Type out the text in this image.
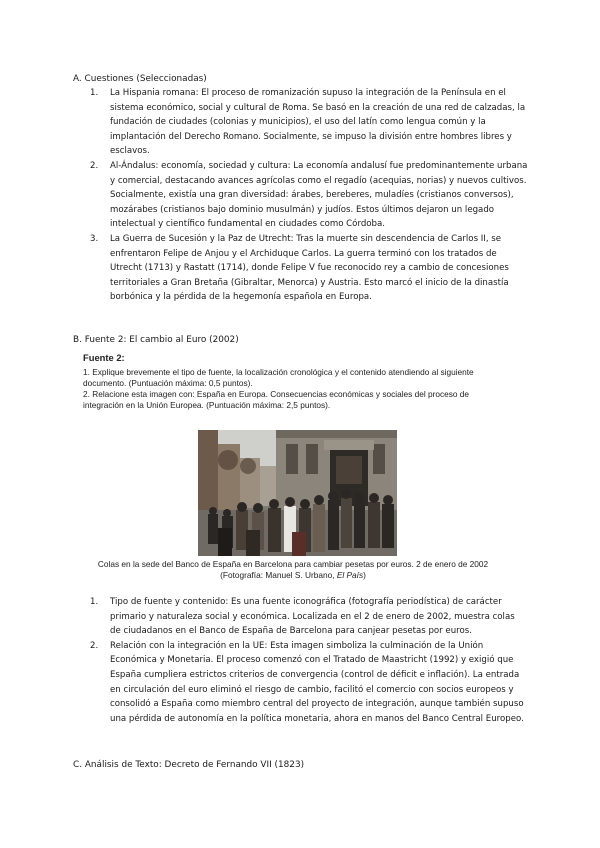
A. Cuestiones (Seleccionadas)
1. La Hispania romana: El proceso de romanización supuso la integración de la Península en el sistema económico, social y cultural de Roma. Se basó en la creación de una red de calzadas, la fundación de ciudades (colonias y municipios), el uso del latín como lengua común y la implantación del Derecho Romano. Socialmente, se impuso la división entre hombres libres y esclavos.
2. Al-Ándalus: economía, sociedad y cultura: La economía andalusí fue predominantemente urbana y comercial, destacando avances agrícolas como el regadío (acequias, norias) y nuevos cultivos. Socialmente, existía una gran diversidad: árabes, bereberes, muladíes (cristianos conversos), mozárabes (cristianos bajo dominio musulmán) y judíos. Estos últimos dejaron un legado intelectual y científico fundamental en ciudades como Córdoba.
3. La Guerra de Sucesión y la Paz de Utrecht: Tras la muerte sin descendencia de Carlos II, se enfrentaron Felipe de Anjou y el Archiduque Carlos. La guerra terminó con los tratados de Utrecht (1713) y Rastatt (1714), donde Felipe V fue reconocido rey a cambio de concesiones territoriales a Gran Bretaña (Gibraltar, Menorca) y Austria. Esto marcó el inicio de la dinastía borbónica y la pérdida de la hegemonía española en Europa.
B. Fuente 2: El cambio al Euro (2002)
Fuente 2:
1. Explique brevemente el tipo de fuente, la localización cronológica y el contenido atendiendo al siguiente documento. (Puntuación máxima: 0,5 puntos).
2. Relacione esta imagen con: España en Europa. Consecuencias económicas y sociales del proceso de integración en la Unión Europea. (Puntuación máxima: 2,5 puntos).
Colas en la sede del Banco de España en Barcelona para cambiar pesetas por euros. 2 de enero de 2002 (Fotografía: Manuel S. Urbano, El País)
1. Tipo de fuente y contenido: Es una fuente iconográfica (fotografía periodística) de carácter primario y naturaleza social y económica. Localizada en el 2 de enero de 2002, muestra colas de ciudadanos en el Banco de España de Barcelona para canjear pesetas por euros.
2. Relación con la integración en la UE: Esta imagen simboliza la culminación de la Unión Económica y Monetaria. El proceso comenzó con el Tratado de Maastricht (1992) y exigió que España cumpliera estrictos criterios de convergencia (control de déficit e inflación). La entrada en circulación del euro eliminó el riesgo de cambio, facilitó el comercio con socios europeos y consolidó a España como miembro central del proyecto de integración, aunque también supuso una pérdida de autonomía en la política monetaria, ahora en manos del Banco Central Europeo.
C. Análisis de Texto: Decreto de Fernando VII (1823)
